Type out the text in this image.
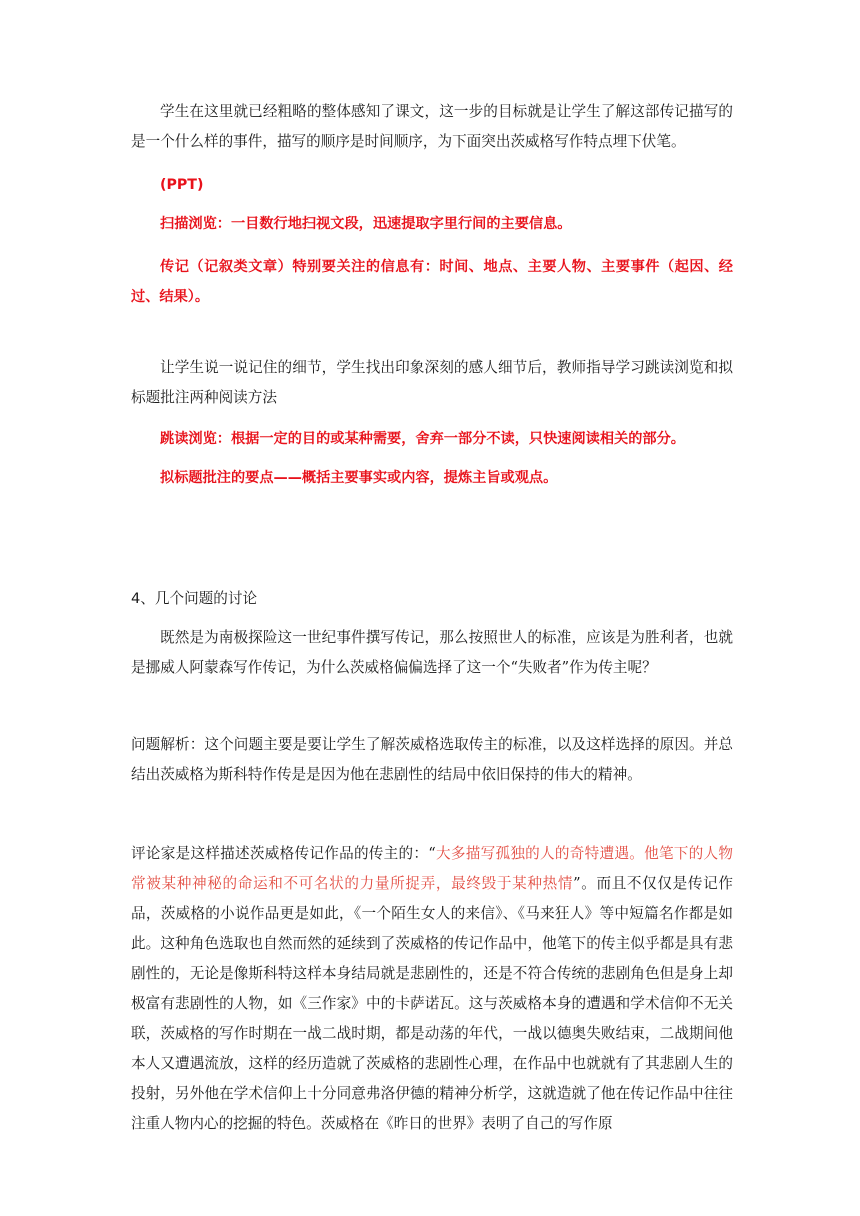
学生在这里就已经粗略的整体感知了课文，这一步的目标就是让学生了解这部传记描写的是一个什么样的事件，描写的顺序是时间顺序，为下面突出茨威格写作特点埋下伏笔。

(PPT)

扫描浏览：一目数行地扫视文段，迅速提取字里行间的主要信息。

传记（记叙类文章）特别要关注的信息有：时间、地点、主要人物、主要事件（起因、经过、结果）。

让学生说一说记住的细节，学生找出印象深刻的感人细节后，教师指导学习跳读浏览和拟标题批注两种阅读方法

跳读浏览：根据一定的目的或某种需要，舍弃一部分不读，只快速阅读相关的部分。

拟标题批注的要点——概括主要事实或内容，提炼主旨或观点。

4、几个问题的讨论

既然是为南极探险这一世纪事件撰写传记，那么按照世人的标准，应该是为胜利者，也就是挪威人阿蒙森写作传记，为什么茨威格偏偏选择了这一个“失败者”作为传主呢？

问题解析：这个问题主要是要让学生了解茨威格选取传主的标准，以及这样选择的原因。并总结出茨威格为斯科特作传是是因为他在悲剧性的结局中依旧保持的伟大的精神。

评论家是这样描述茨威格传记作品的传主的：“大多描写孤独的人的奇特遭遇。他笔下的人物常被某种神秘的命运和不可名状的力量所捉弄，最终毁于某种热情”。而且不仅仅是传记作品，茨威格的小说作品更是如此，《一个陌生女人的来信》、《马来狂人》等中短篇名作都是如此。这种角色选取也自然而然的延续到了茨威格的传记作品中，他笔下的传主似乎都是具有悲剧性的，无论是像斯科特这样本身结局就是悲剧性的，还是不符合传统的悲剧角色但是身上却极富有悲剧性的人物，如《三作家》中的卡萨诺瓦。这与茨威格本身的遭遇和学术信仰不无关联，茨威格的写作时期在一战二战时期，都是动荡的年代，一战以德奥失败结束，二战期间他本人又遭遇流放，这样的经历造就了茨威格的悲剧性心理，在作品中也就就有了其悲剧人生的投射，另外他在学术信仰上十分同意弗洛伊德的精神分析学，这就造就了他在传记作品中往往注重人物内心的挖掘的特色。茨威格在《昨日的世界》表明了自己的写作原
